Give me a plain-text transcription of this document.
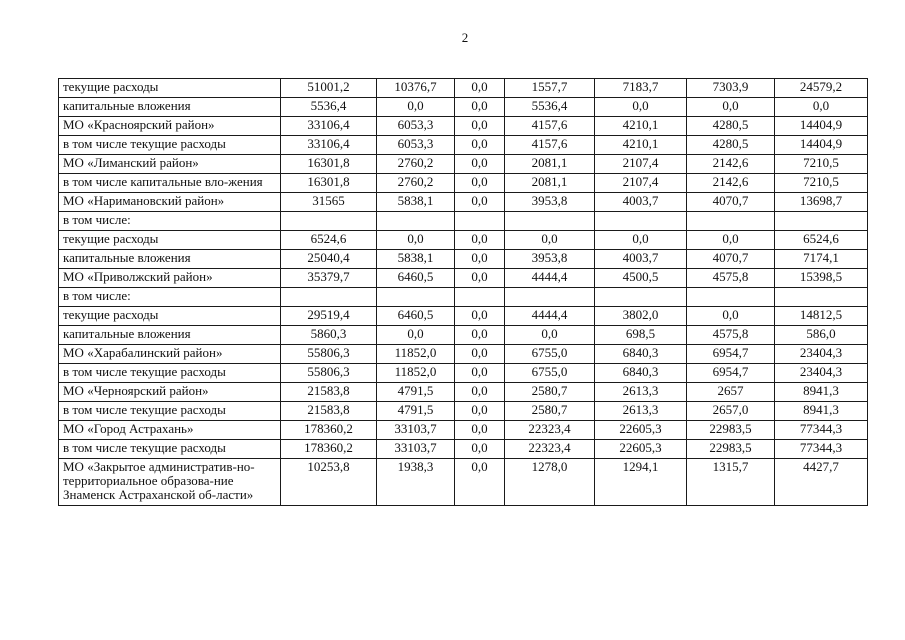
2
текущие расходы	51001,2	10376,7	0,0	1557,7	7183,7	7303,9	24579,2
капитальные вложения	5536,4	0,0	0,0	5536,4	0,0	0,0	0,0
МО «Красноярский район»	33106,4	6053,3	0,0	4157,6	4210,1	4280,5	14404,9
в том числе текущие расходы	33106,4	6053,3	0,0	4157,6	4210,1	4280,5	14404,9
МО «Лиманский район»	16301,8	2760,2	0,0	2081,1	2107,4	2142,6	7210,5
в том числе капитальные вло-жения	16301,8	2760,2	0,0	2081,1	2107,4	2142,6	7210,5
МО «Наримановский район»	31565	5838,1	0,0	3953,8	4003,7	4070,7	13698,7
в том числе:							
текущие расходы	6524,6	0,0	0,0	0,0	0,0	0,0	6524,6
капитальные вложения	25040,4	5838,1	0,0	3953,8	4003,7	4070,7	7174,1
МО «Приволжский район»	35379,7	6460,5	0,0	4444,4	4500,5	4575,8	15398,5
в том числе:							
текущие расходы	29519,4	6460,5	0,0	4444,4	3802,0	0,0	14812,5
капитальные вложения	5860,3	0,0	0,0	0,0	698,5	4575,8	586,0
МО «Харабалинский район»	55806,3	11852,0	0,0	6755,0	6840,3	6954,7	23404,3
в том числе текущие расходы	55806,3	11852,0	0,0	6755,0	6840,3	6954,7	23404,3
МО «Черноярский район»	21583,8	4791,5	0,0	2580,7	2613,3	2657	8941,3
в том числе текущие расходы	21583,8	4791,5	0,0	2580,7	2613,3	2657,0	8941,3
МО «Город Астрахань»	178360,2	33103,7	0,0	22323,4	22605,3	22983,5	77344,3
в том числе текущие расходы	178360,2	33103,7	0,0	22323,4	22605,3	22983,5	77344,3
МО «Закрытое административ-но-территориальное образова-ние Знаменск Астраханской об-ласти»	10253,8	1938,3	0,0	1278,0	1294,1	1315,7	4427,7
